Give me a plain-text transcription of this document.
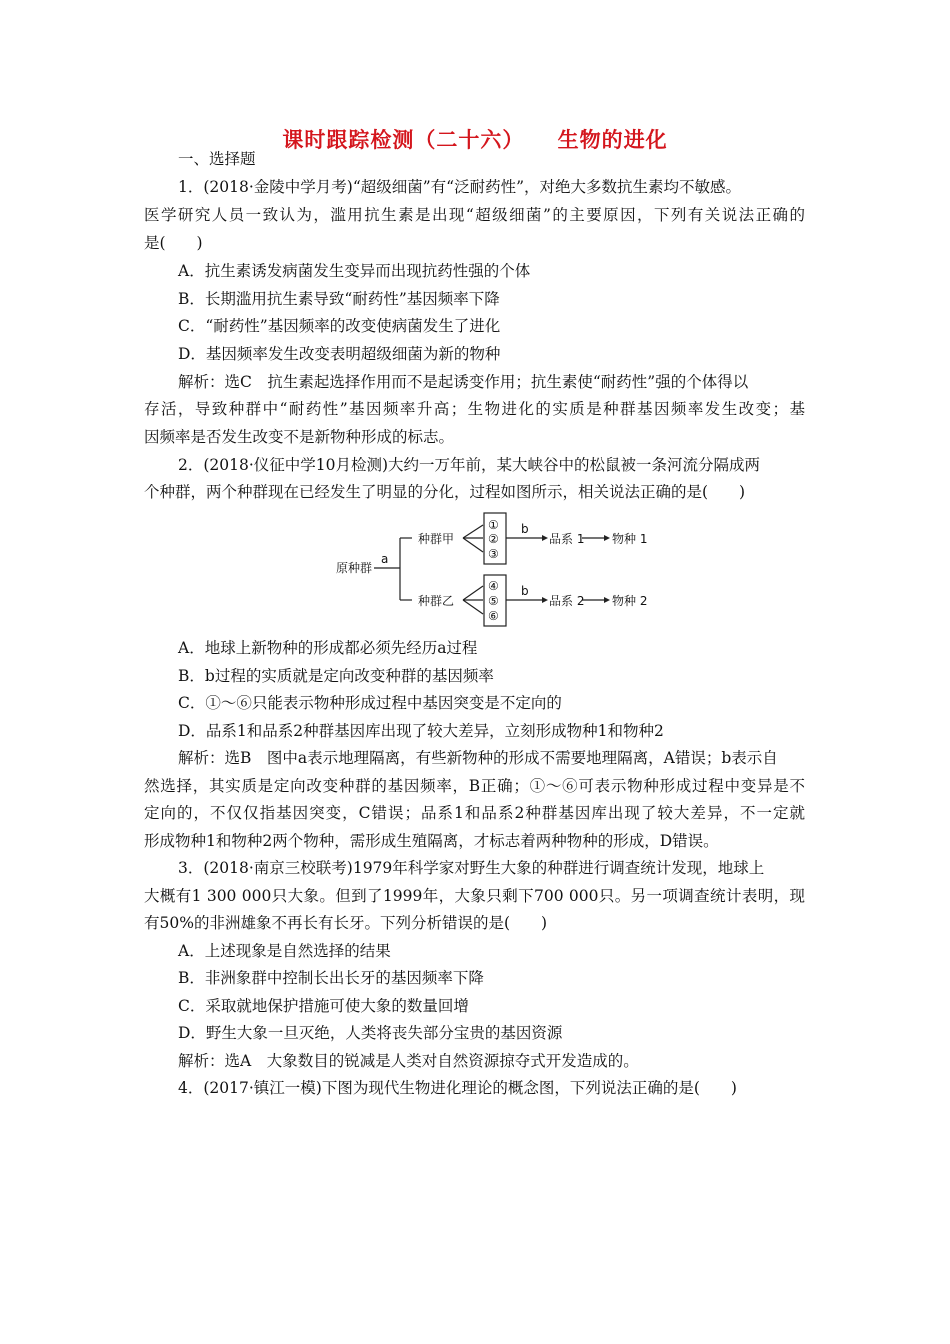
课时跟踪检测（二十六）    生物的进化
一、选择题
1．(2018·金陵中学月考)“超级细菌”有“泛耐药性”，对绝大多数抗生素均不敏感。
医学研究人员一致认为，滥用抗生素是出现“超级细菌”的主要原因，下列有关说法正确的
是(　　)
A．抗生素诱发病菌发生变异而出现抗药性强的个体
B．长期滥用抗生素导致“耐药性”基因频率下降
C．“耐药性”基因频率的改变使病菌发生了进化
D．基因频率发生改变表明超级细菌为新的物种
解析：选C　抗生素起选择作用而不是起诱变作用；抗生素使“耐药性”强的个体得以
存活，导致种群中“耐药性”基因频率升高；生物进化的实质是种群基因频率发生改变；基
因频率是否发生改变不是新物种形成的标志。
2．(2018·仪征中学10月检测)大约一万年前，某大峡谷中的松鼠被一条河流分隔成两
个种群，两个种群现在已经发生了明显的分化，过程如图所示，相关说法正确的是(　　)
原种群
a
种群甲
种群乙
①
②
③
④
⑤
⑥
b
b
品系 1
品系 2
物种 1
物种 2
A．地球上新物种的形成都必须先经历a过程
B．b过程的实质就是定向改变种群的基因频率
C．①～⑥只能表示物种形成过程中基因突变是不定向的
D．品系1和品系2种群基因库出现了较大差异，立刻形成物种1和物种2
解析：选B　图中a表示地理隔离，有些新物种的形成不需要地理隔离，A错误；b表示自
然选择，其实质是定向改变种群的基因频率，B正确；①～⑥可表示物种形成过程中变异是不
定向的，不仅仅指基因突变，C错误；品系1和品系2种群基因库出现了较大差异，不一定就
形成物种1和物种2两个物种，需形成生殖隔离，才标志着两种物种的形成，D错误。
3．(2018·南京三校联考)1979年科学家对野生大象的种群进行调查统计发现，地球上
大概有1 300 000只大象。但到了1999年，大象只剩下700 000只。另一项调查统计表明，现
有50%的非洲雄象不再长有长牙。下列分析错误的是(　　)
A．上述现象是自然选择的结果
B．非洲象群中控制长出长牙的基因频率下降
C．采取就地保护措施可使大象的数量回增
D．野生大象一旦灭绝，人类将丧失部分宝贵的基因资源
解析：选A　大象数目的锐减是人类对自然资源掠夺式开发造成的。
4．(2017·镇江一模)下图为现代生物进化理论的概念图，下列说法正确的是(　　)
